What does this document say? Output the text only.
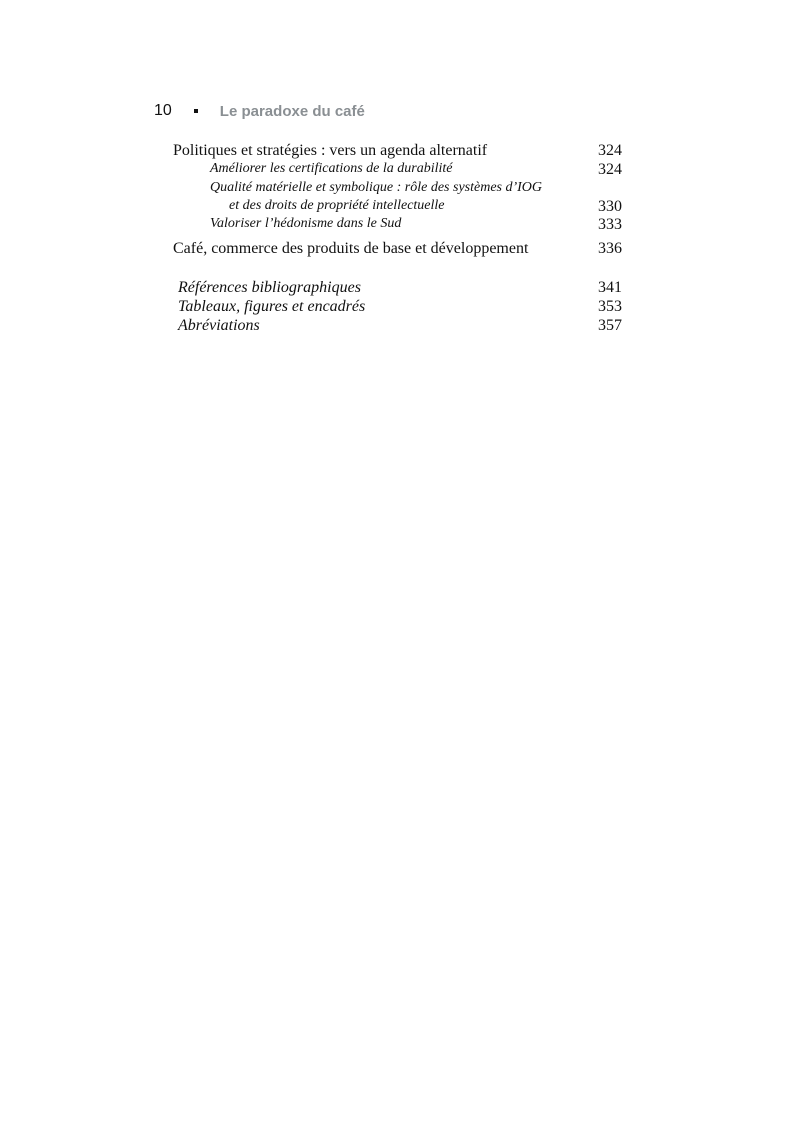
10	Le paradoxe du café
Politiques et stratégies : vers un agenda alternatif	324
Améliorer les certifications de la durabilité	324
Qualité matérielle et symbolique : rôle des systèmes d’IOG
et des droits de propriété intellectuelle	330
Valoriser l’hédonisme dans le Sud	333
Café, commerce des produits de base et développement	336
Références bibliographiques	341
Tableaux, figures et encadrés	353
Abréviations	357
